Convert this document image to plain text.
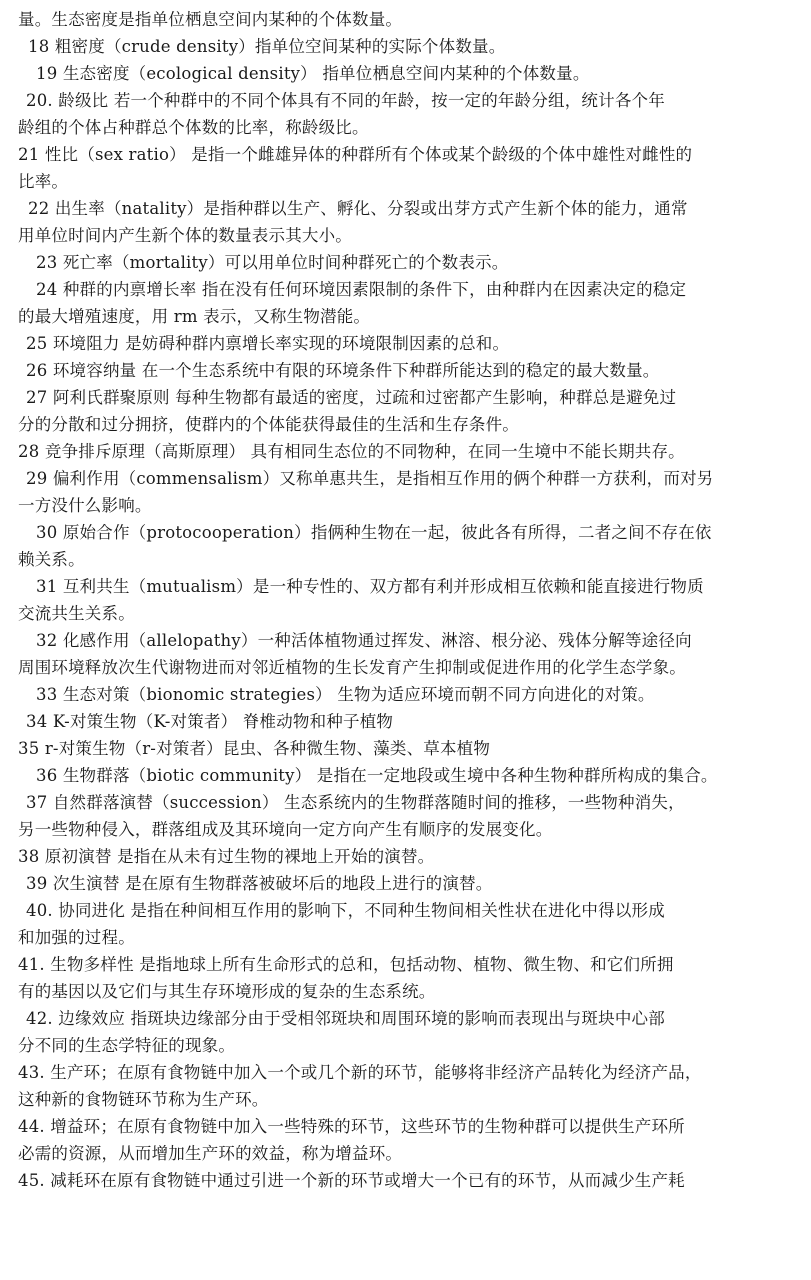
量。生态密度是指单位栖息空间内某种的个体数量。

18 粗密度（crude density）指单位空间某种的实际个体数量。

19 生态密度（ecological density） 指单位栖息空间内某种的个体数量。

20. 龄级比 若一个种群中的不同个体具有不同的年龄，按一定的年龄分组，统计各个年
龄组的个体占种群总个体数的比率，称龄级比。

21 性比（sex ratio） 是指一个雌雄异体的种群所有个体或某个龄级的个体中雄性对雌性的
比率。

22 出生率（natality）是指种群以生产、孵化、分裂或出芽方式产生新个体的能力，通常
用单位时间内产生新个体的数量表示其大小。

23 死亡率（mortality）可以用单位时间种群死亡的个数表示。

24 种群的内禀增长率 指在没有任何环境因素限制的条件下，由种群内在因素决定的稳定
的最大增殖速度，用 rm 表示，又称生物潜能。

25 环境阻力 是妨碍种群内禀增长率实现的环境限制因素的总和。

26 环境容纳量 在一个生态系统中有限的环境条件下种群所能达到的稳定的最大数量。

27 阿利氏群聚原则 每种生物都有最适的密度，过疏和过密都产生影响，种群总是避免过
分的分散和过分拥挤，使群内的个体能获得最佳的生活和生存条件。

28 竞争排斥原理（高斯原理） 具有相同生态位的不同物种，在同一生境中不能长期共存。

29 偏利作用（commensalism）又称单惠共生，是指相互作用的俩个种群一方获利，而对另
一方没什么影响。

30 原始合作（protocooperation）指俩种生物在一起，彼此各有所得，二者之间不存在依
赖关系。

31 互利共生（mutualism）是一种专性的、双方都有利并形成相互依赖和能直接进行物质
交流共生关系。

32 化感作用（allelopathy）一种活体植物通过挥发、淋溶、根分泌、残体分解等途径向
周围环境释放次生代谢物进而对邻近植物的生长发育产生抑制或促进作用的化学生态学象。

33 生态对策（bionomic strategies） 生物为适应环境而朝不同方向进化的对策。

34 K-对策生物（K-对策者） 脊椎动物和种子植物

35 r-对策生物（r-对策者）昆虫、各种微生物、藻类、草本植物

36 生物群落（biotic community） 是指在一定地段或生境中各种生物种群所构成的集合。

37 自然群落演替（succession） 生态系统内的生物群落随时间的推移，一些物种消失，
另一些物种侵入，群落组成及其环境向一定方向产生有顺序的发展变化。

38 原初演替 是指在从未有过生物的裸地上开始的演替。

39 次生演替 是在原有生物群落被破坏后的地段上进行的演替。

40. 协同进化 是指在种间相互作用的影响下，不同种生物间相关性状在进化中得以形成
和加强的过程。

41. 生物多样性 是指地球上所有生命形式的总和，包括动物、植物、微生物、和它们所拥
有的基因以及它们与其生存环境形成的复杂的生态系统。

42. 边缘效应 指斑块边缘部分由于受相邻斑块和周围环境的影响而表现出与斑块中心部
分不同的生态学特征的现象。

43. 生产环；在原有食物链中加入一个或几个新的环节，能够将非经济产品转化为经济产品，
这种新的食物链环节称为生产环。

44. 增益环；在原有食物链中加入一些特殊的环节，这些环节的生物种群可以提供生产环所
必需的资源，从而增加生产环的效益，称为增益环。

45. 减耗环在原有食物链中通过引进一个新的环节或增大一个已有的环节，从而减少生产耗
